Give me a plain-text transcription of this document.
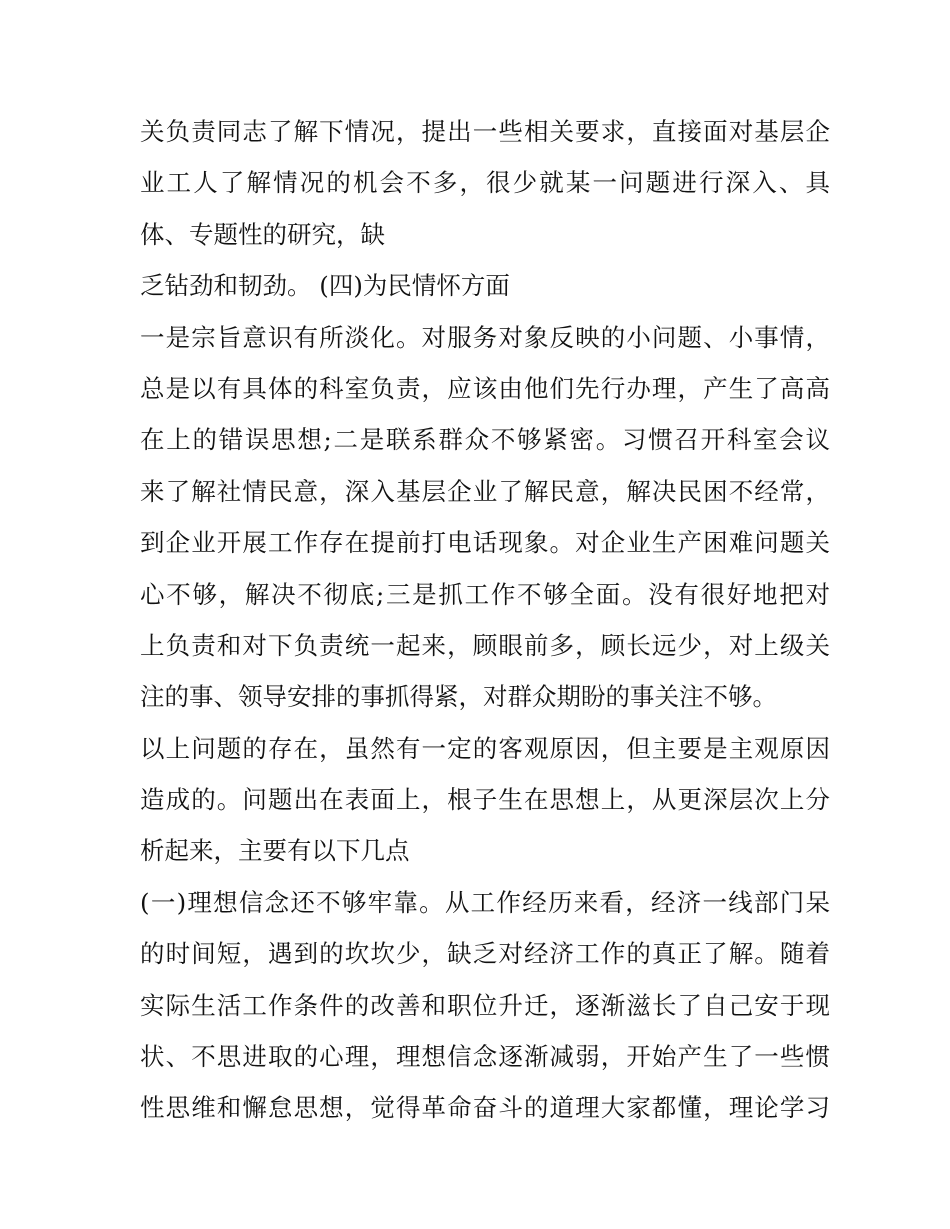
关负责同志了解下情况，提出一些相关要求，直接面对基层企
业工人了解情况的机会不多，很少就某一问题进行深入、具
体、专题性的研究，缺
乏钻劲和韧劲。 (四)为民情怀方面
一是宗旨意识有所淡化。对服务对象反映的小问题、小事情，
总是以有具体的科室负责，应该由他们先行办理，产生了高高
在上的错误思想;二是联系群众不够紧密。习惯召开科室会议
来了解社情民意，深入基层企业了解民意，解决民困不经常，
到企业开展工作存在提前打电话现象。对企业生产困难问题关
心不够，解决不彻底;三是抓工作不够全面。没有很好地把对
上负责和对下负责统一起来，顾眼前多，顾长远少，对上级关
注的事、领导安排的事抓得紧，对群众期盼的事关注不够。
以上问题的存在，虽然有一定的客观原因，但主要是主观原因
造成的。问题出在表面上，根子生在思想上，从更深层次上分
析起来，主要有以下几点
(一)理想信念还不够牢靠。从工作经历来看，经济一线部门呆
的时间短，遇到的坎坎少，缺乏对经济工作的真正了解。随着
实际生活工作条件的改善和职位升迁，逐渐滋长了自己安于现
状、不思进取的心理，理想信念逐渐减弱，开始产生了一些惯
性思维和懈怠思想，觉得革命奋斗的道理大家都懂，理论学习
